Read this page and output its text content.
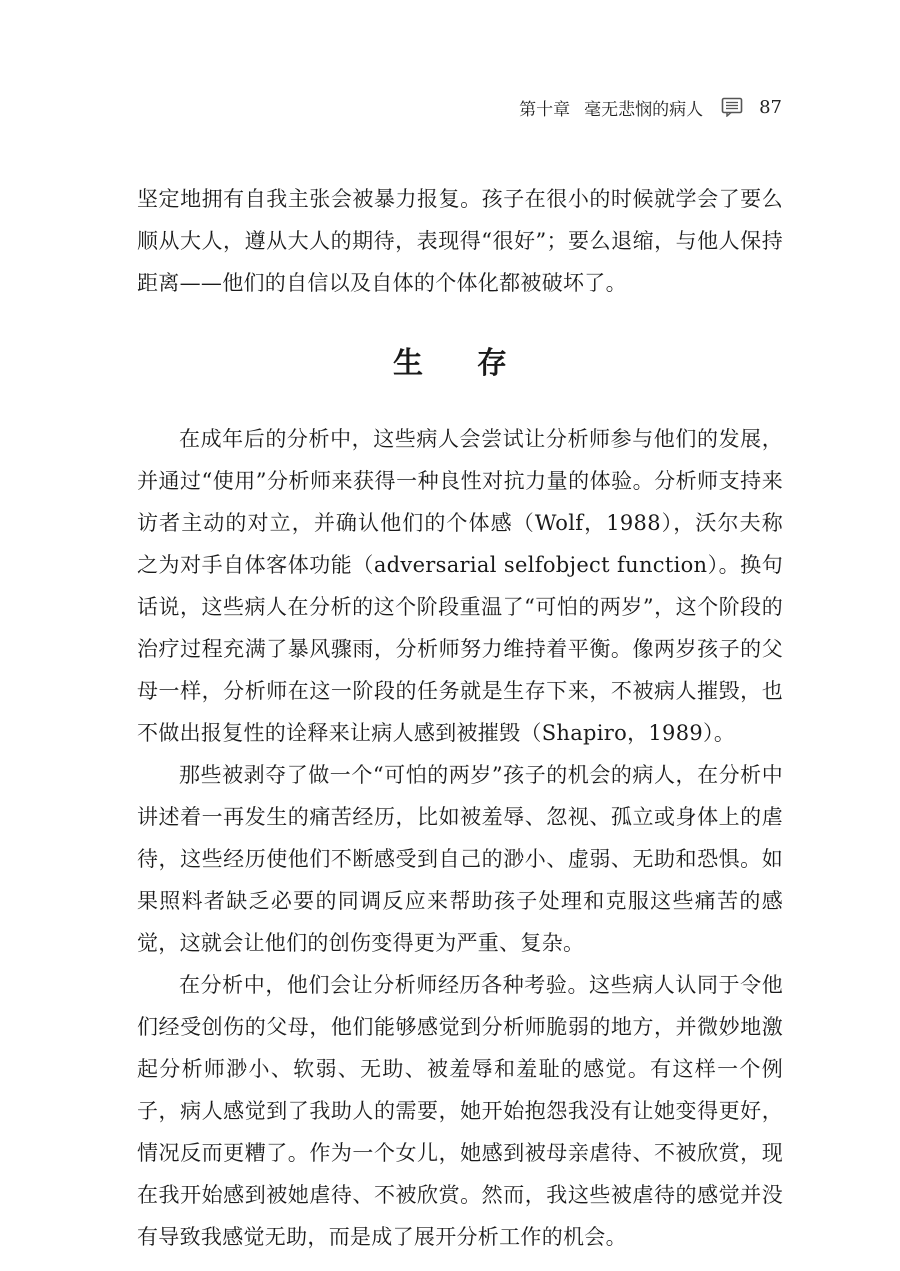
第十章 毫无悲悯的病人	87

坚定地拥有自我主张会被暴力报复。孩子在很小的时候就学会了要么顺从大人，遵从大人的期待，表现得“很好”；要么退缩，与他人保持距离——他们的自信以及自体的个体化都被破坏了。

生存

在成年后的分析中，这些病人会尝试让分析师参与他们的发展，并通过“使用”分析师来获得一种良性对抗力量的体验。分析师支持来访者主动的对立，并确认他们的个体感（Wolf，1988），沃尔夫称之为对手自体客体功能（adversarial selfobject function）。换句话说，这些病人在分析的这个阶段重温了“可怕的两岁”，这个阶段的治疗过程充满了暴风骤雨，分析师努力维持着平衡。像两岁孩子的父母一样，分析师在这一阶段的任务就是生存下来，不被病人摧毁，也不做出报复性的诠释来让病人感到被摧毁（Shapiro，1989）。

那些被剥夺了做一个“可怕的两岁”孩子的机会的病人，在分析中讲述着一再发生的痛苦经历，比如被羞辱、忽视、孤立或身体上的虐待，这些经历使他们不断感受到自己的渺小、虚弱、无助和恐惧。如果照料者缺乏必要的同调反应来帮助孩子处理和克服这些痛苦的感觉，这就会让他们的创伤变得更为严重、复杂。

在分析中，他们会让分析师经历各种考验。这些病人认同于令他们经受创伤的父母，他们能够感觉到分析师脆弱的地方，并微妙地激起分析师渺小、软弱、无助、被羞辱和羞耻的感觉。有这样一个例子，病人感觉到了我助人的需要，她开始抱怨我没有让她变得更好，情况反而更糟了。作为一个女儿，她感到被母亲虐待、不被欣赏，现在我开始感到被她虐待、不被欣赏。然而，我这些被虐待的感觉并没有导致我感觉无助，而是成了展开分析工作的机会。
